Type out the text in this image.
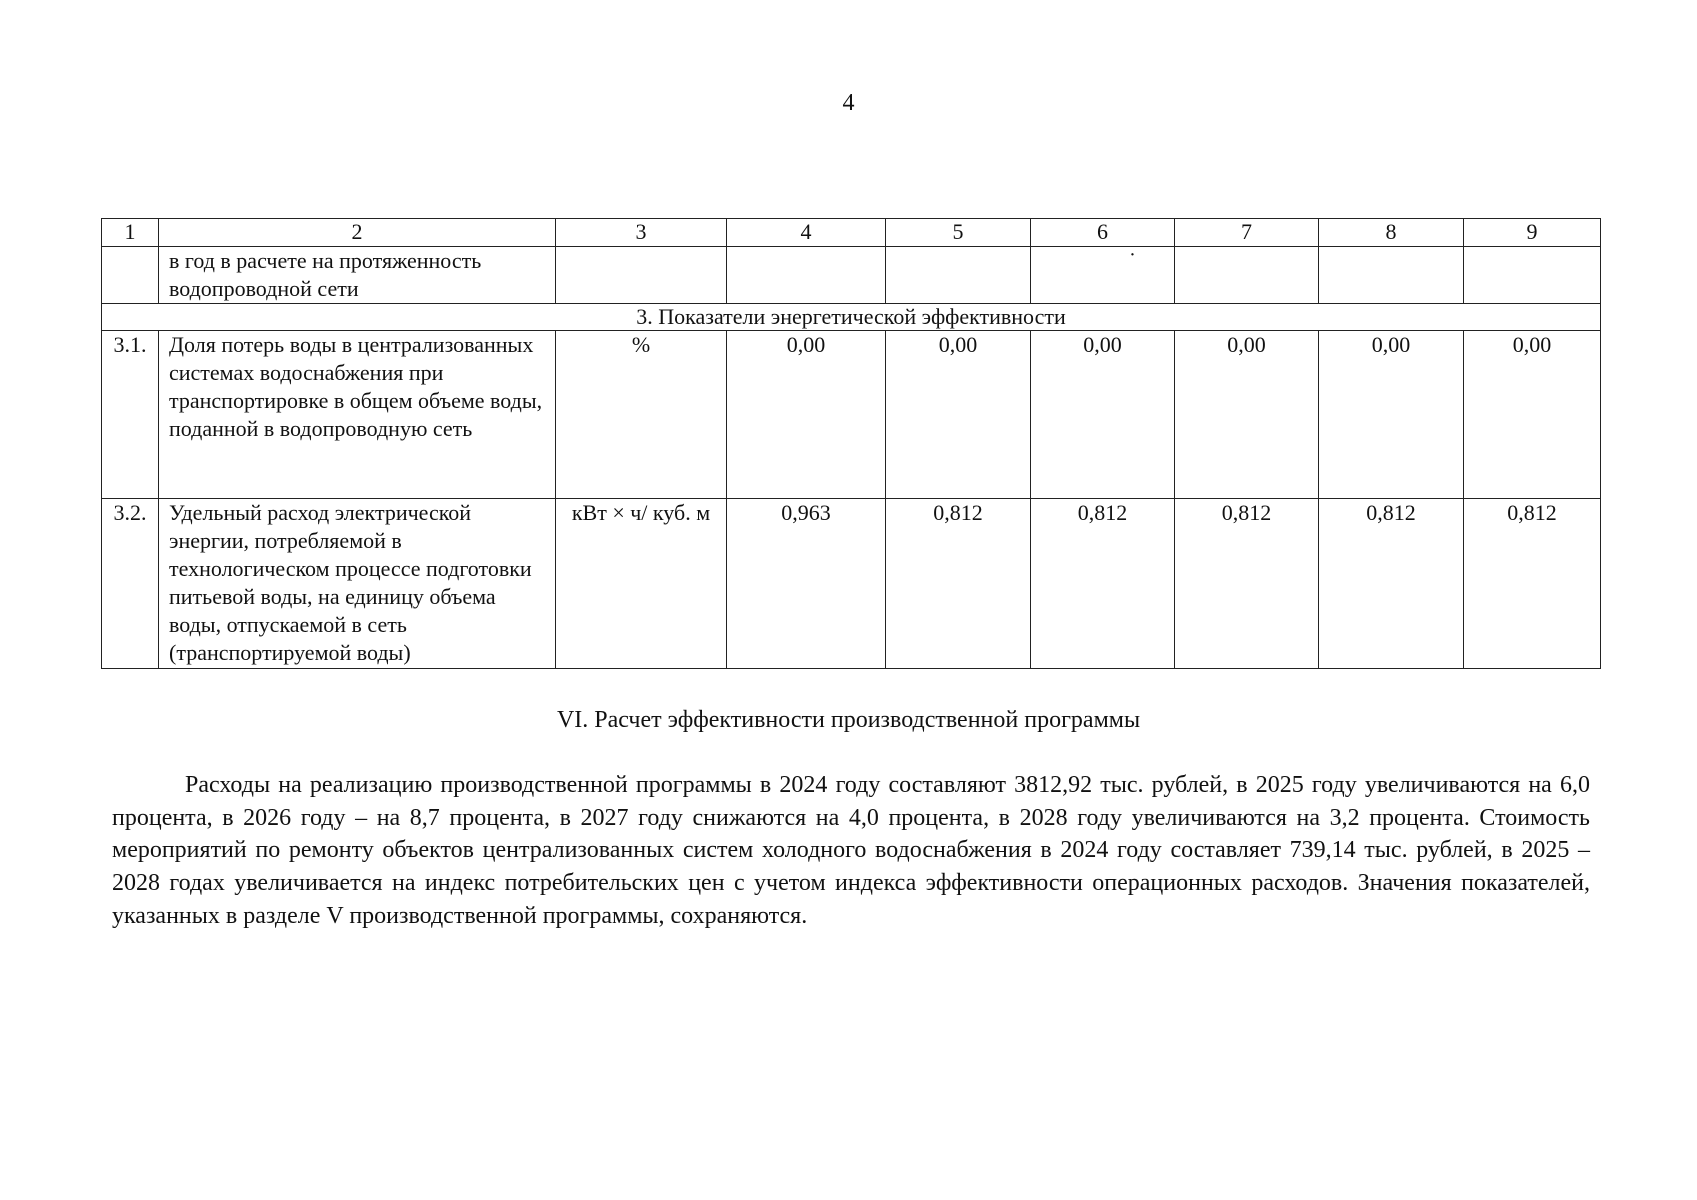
4
1	2	3	4	5	6	7	8	9
	в год в расчете на протяженность водопроводной сети				·			

3. Показатели энергетической эффективности								
3.1.	Доля потерь воды в централизованных системах водоснабжения при транспортировке в общем объеме воды, поданной в водопроводную сеть	%	0,00	0,00	0,00	0,00	0,00	0,00
3.2.	Удельный расход электрической энергии, потребляемой в технологическом процессе подготовки питьевой воды, на единицу объема воды, отпускаемой в сеть (транспортируемой воды)	кВт × ч/ куб. м	0,963	0,812	0,812	0,812	0,812	0,812
VI. Расчет эффективности производственной программы

Расходы на реализацию производственной программы в 2024 году составляют 3812,92 тыс. рублей, в 2025 году увеличиваются на 6,0 процента, в 2026 году – на 8,7 процента, в 2027 году снижаются на 4,0 процента, в 2028 году увеличиваются на 3,2 процента. Стоимость мероприятий по ремонту объектов централизованных систем холодного водоснабжения в 2024 году составляет 739,14 тыс. рублей, в 2025 – 2028 годах увеличивается на индекс потребительских цен с учетом индекса эффективности операционных расходов. Значения показателей, указанных в разделе V производственной программы, сохраняются.
